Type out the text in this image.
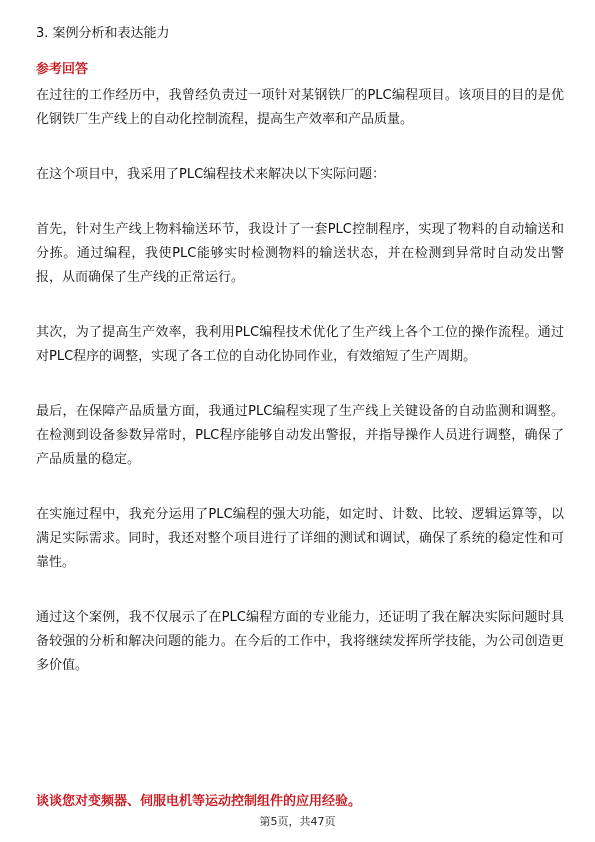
3. 案例分析和表达能力
参考回答

在过往的工作经历中，我曾经负责过一项针对某钢铁厂的PLC编程项目。该项目的目的是优化钢铁厂生产线上的自动化控制流程，提高生产效率和产品质量。

在这个项目中，我采用了PLC编程技术来解决以下实际问题：

首先，针对生产线上物料输送环节，我设计了一套PLC控制程序，实现了物料的自动输送和分拣。通过编程，我使PLC能够实时检测物料的输送状态，并在检测到异常时自动发出警报，从而确保了生产线的正常运行。

其次，为了提高生产效率，我利用PLC编程技术优化了生产线上各个工位的操作流程。通过对PLC程序的调整，实现了各工位的自动化协同作业，有效缩短了生产周期。

最后，在保障产品质量方面，我通过PLC编程实现了生产线上关键设备的自动监测和调整。在检测到设备参数异常时，PLC程序能够自动发出警报，并指导操作人员进行调整，确保了产品质量的稳定。

在实施过程中，我充分运用了PLC编程的强大功能，如定时、计数、比较、逻辑运算等，以满足实际需求。同时，我还对整个项目进行了详细的测试和调试，确保了系统的稳定性和可靠性。

通过这个案例，我不仅展示了在PLC编程方面的专业能力，还证明了我在解决实际问题时具备较强的分析和解决问题的能力。在今后的工作中，我将继续发挥所学技能，为公司创造更多价值。

谈谈您对变频器、伺服电机等运动控制组件的应用经验。
第5页，共47页
